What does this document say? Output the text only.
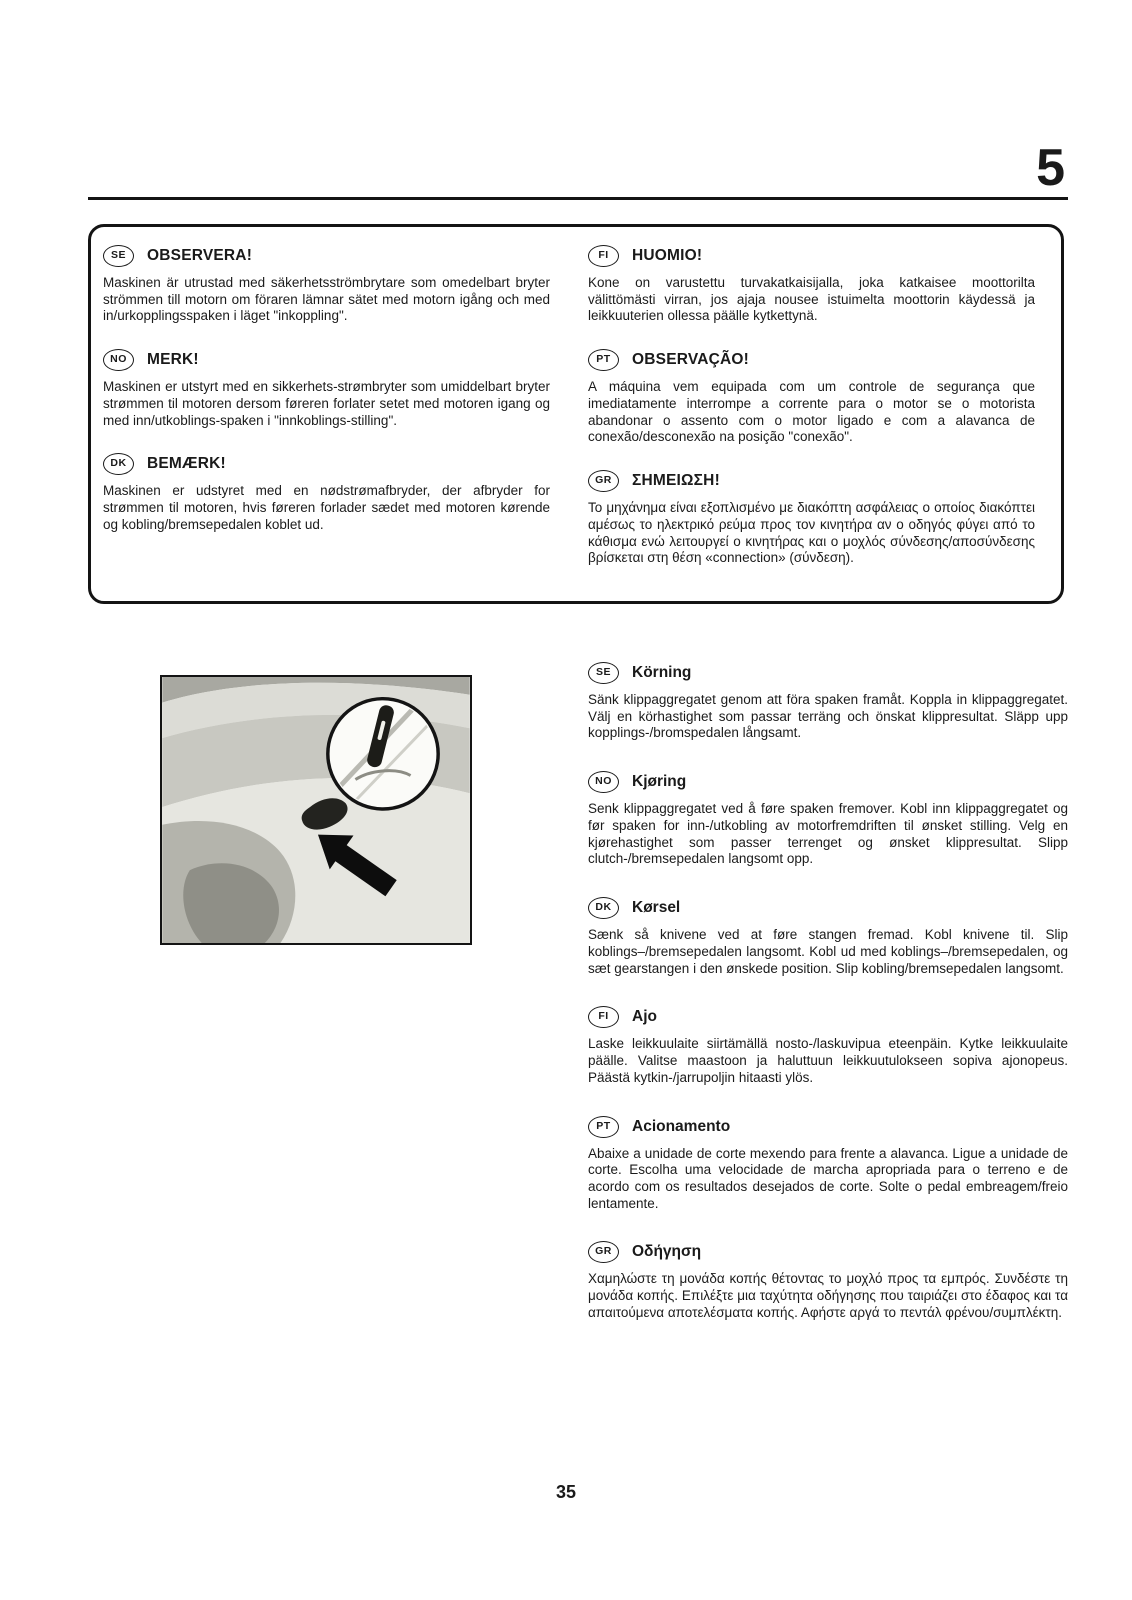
5
SE	OBSERVERA!

Maskinen är utrustad med säkerhetsströmbrytare som omedelbart bryter strömmen till motorn om föraren lämnar sätet med motorn igång och med in/urkopplingsspaken i läget "inkoppling".

NO	MERK!

Maskinen er utstyrt med en sikkerhets-strømbryter som umiddelbart bryter strømmen til motoren dersom føreren forlater setet med motoren igang og med inn/utkoblings-spaken i "innkoblings-stilling".

DK	BEMÆRK!

Maskinen er udstyret med en nødstrømafbryder, der afbryder for strømmen til motoren, hvis føreren forlader sædet med motoren kørende og kobling/bremsepedalen koblet ud.

FI	HUOMIO!

Kone on varustettu turvakatkaisijalla, joka katkaisee moottorilta välittömästi virran, jos ajaja nousee istuimelta moottorin käydessä ja leikkuuterien ollessa päälle kytkettynä.

PT	OBSERVAÇÃO!

A máquina vem equipada com um controle de segurança que imediatamente interrompe a corrente para o motor se o motorista abandonar o assento com o motor ligado e com a alavanca de conexão/desconexão na posição "conexão".

GR	ΣΗΜΕΙΩΣΗ!

Το μηχάνημα είναι εξοπλισμένο με διακόπτη ασφάλειας ο οποίος διακόπτει αμέσως το ηλεκτρικό ρεύμα προς τον κινητήρα αν ο οδηγός φύγει από το κάθισμα ενώ λειτουργεί ο κινητήρας και ο μοχλός σύνδεσης/αποσύνδεσης βρίσκεται στη θέση «connection» (σύνδεση).

SE	Körning

Sänk klippaggregatet genom att föra spaken framåt. Koppla in klippaggregatet. Välj en körhastighet som passar terräng och önskat klippresultat. Släpp upp kopplings-/bromspedalen långsamt.

NO	Kjøring

Senk klippaggregatet ved å føre spaken fremover. Kobl inn klippaggregatet og før spaken for inn-/utkobling av motorfremdriften til ønsket stilling. Velg en kjørehastighet som passer terrenget og ønsket klippresultat. Slipp clutch-/bremsepedalen langsomt opp.

DK	Kørsel

Sænk så knivene ved at føre stangen fremad. Kobl knivene til. Slip koblings–/bremsepedalen langsomt. Kobl ud med koblings–/bremsepedalen, og sæt gearstangen i den ønskede position. Slip kobling/bremsepedalen langsomt.

FI	Ajo

Laske leikkuulaite siirtämällä nosto-/laskuvipua eteenpäin. Kytke leikkuulaite päälle. Valitse maastoon ja haluttuun leikkuutulokseen sopiva ajonopeus. Päästä kytkin-/jarrupoljin hitaasti ylös.

PT	Acionamento

Abaixe a unidade de corte mexendo para frente a alavanca. Ligue a unidade de corte. Escolha uma velocidade de marcha apropriada para o terreno e de acordo com os resultados desejados de corte. Solte o pedal embreagem/freio lentamente.

GR	Οδήγηση

Χαμηλώστε τη μονάδα κοπής θέτοντας το μοχλό προς τα εμπρός. Συνδέστε τη μονάδα κοπής. Επιλέξτε μια ταχύτητα οδήγησης που ταιριάζει στο έδαφος και τα απαιτούμενα αποτελέσματα κοπής. Αφήστε αργά το πεντάλ φρένου/συμπλέκτη.

35
